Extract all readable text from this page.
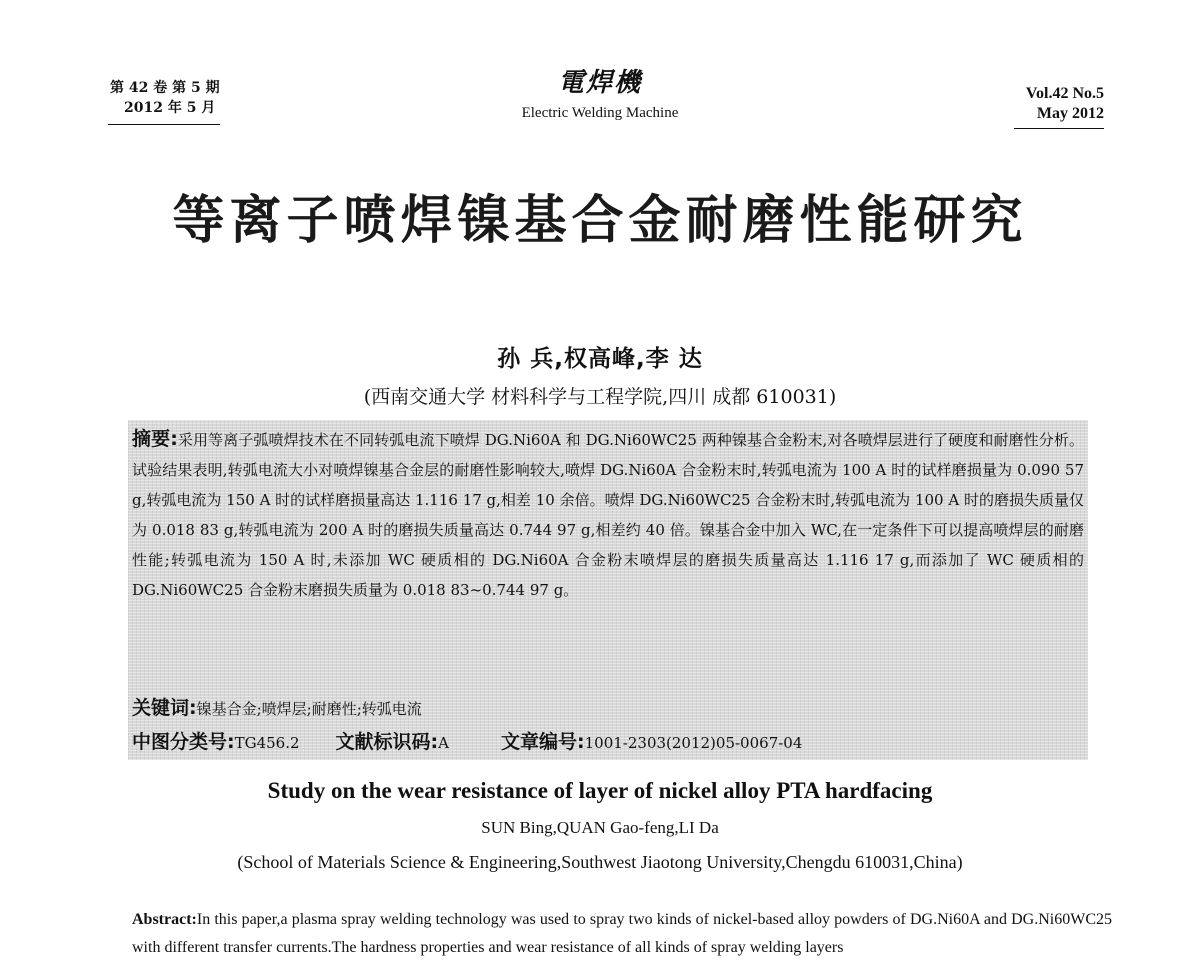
第 42 卷 第 5 期
2012 年 5 月
電焊機
Electric Welding Machine
Vol.42 No.5
May 2012
等离子喷焊镍基合金耐磨性能研究
孙 兵,权高峰,李 达
(西南交通大学 材料科学与工程学院,四川 成都 610031)
摘要:采用等离子弧喷焊技术在不同转弧电流下喷焊 DG.Ni60A 和 DG.Ni60WC25 两种镍基合金粉末,对各喷焊层进行了硬度和耐磨性分析。试验结果表明,转弧电流大小对喷焊镍基合金层的耐磨性影响较大,喷焊 DG.Ni60A 合金粉末时,转弧电流为 100 A 时的试样磨损量为 0.090 57 g,转弧电流为 150 A 时的试样磨损量高达 1.116 17 g,相差 10 余倍。喷焊 DG.Ni60WC25 合金粉末时,转弧电流为 100 A 时的磨损失质量仅为 0.018 83 g,转弧电流为 200 A 时的磨损失质量高达 0.744 97 g,相差约 40 倍。镍基合金中加入 WC,在一定条件下可以提高喷焊层的耐磨性能;转弧电流为 150 A 时,未添加 WC 硬质相的 DG.Ni60A 合金粉末喷焊层的磨损失质量高达 1.116 17 g,而添加了 WC 硬质相的 DG.Ni60WC25 合金粉末磨损失质量为 0.018 83~0.744 97 g。
关键词:镍基合金;喷焊层;耐磨性;转弧电流
中图分类号:TG456.2 文献标识码:A	文章编号:1001-2303(2012)05-0067-04
Study on the wear resistance of layer of nickel alloy PTA hardfacing
SUN Bing,QUAN Gao-feng,LI Da
(School of Materials Science & Engineering,Southwest Jiaotong University,Chengdu 610031,China)
Abstract:In this paper,a plasma spray welding technology was used to spray two kinds of nickel-based alloy powders of DG.Ni60A and DG.Ni60WC25 with different transfer currents.The hardness properties and wear resistance of all kinds of spray welding layers
